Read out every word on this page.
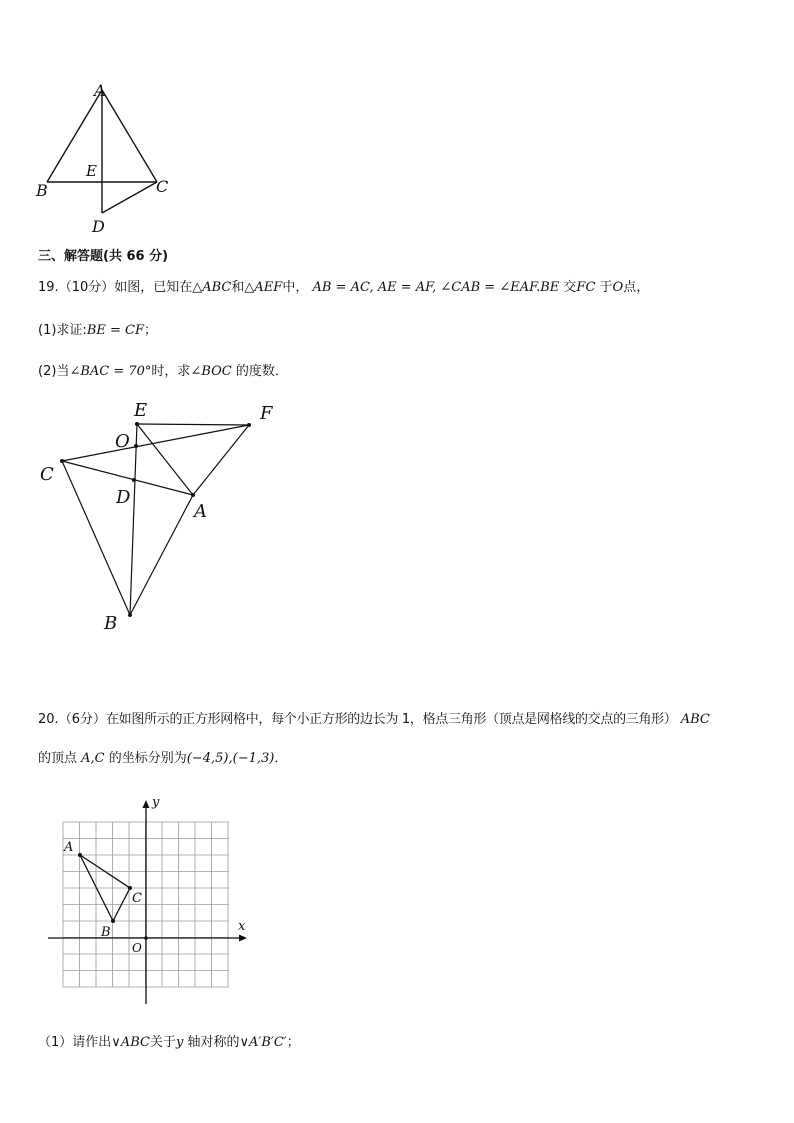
A
B	C
D
E
三、解答题(共 66 分)
19.（10分）如图，已知在△ABC和△AEF中， AB = AC, AE = AF, ∠CAB = ∠EAF.BE 交FC 于O点，
(1)求证:BE = CF；
(2)当∠BAC = 70°时，求∠BOC 的度数．
E	F
O
C
D
A
B
20.（6分）在如图所示的正方形网格中，每个小正方形的边长为 1，格点三角形（顶点是网格线的交点的三角形） ABC
的顶点 A,C 的坐标分别为(−4,5),(−1,3)．
x
y
O
A
B
C
（1）请作出∨ABC关于y 轴对称的∨A′B′C′；
